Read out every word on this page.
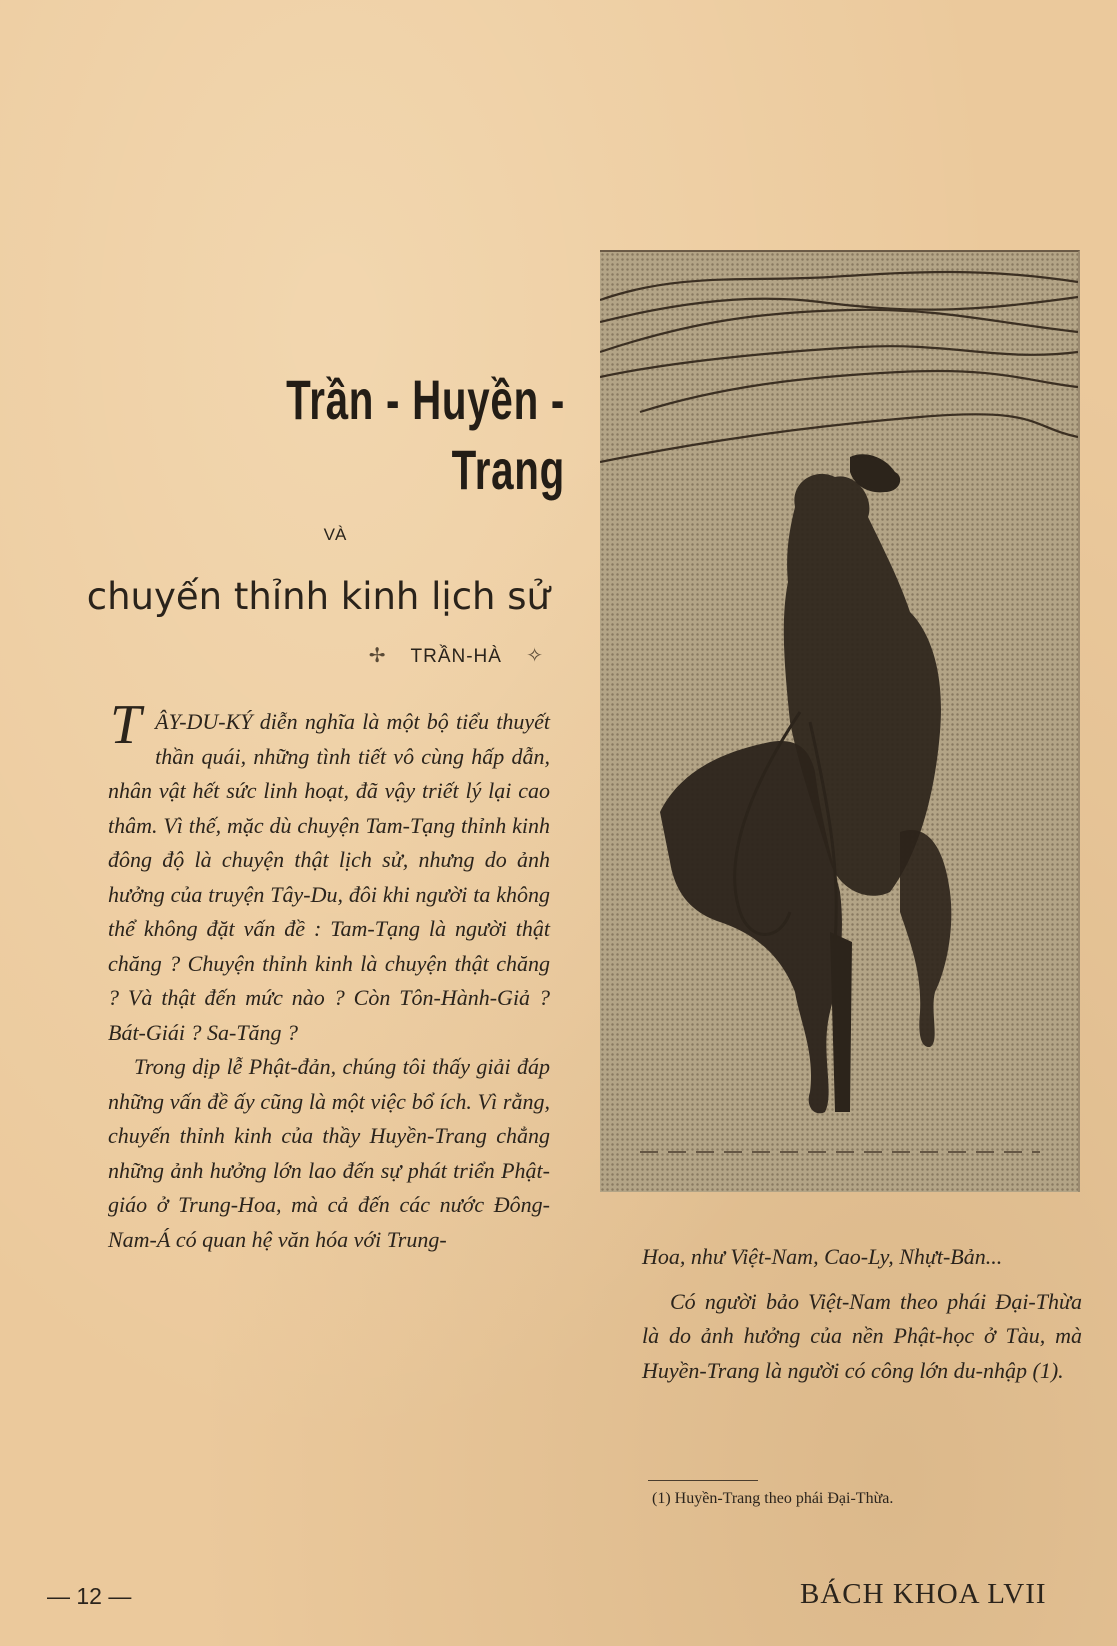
Trần - Huyền - Trang
VÀ
chuyến thỉnh kinh lịch sử
✢ TRẦN-HÀ ✧

T ÂY-DU-KÝ diễn nghĩa là một bộ tiểu thuyết thần quái, những tình tiết vô cùng hấp dẫn, nhân vật hết sức linh hoạt, đã vậy triết lý lại cao thâm. Vì thế, mặc dù chuyện Tam-Tạng thỉnh kinh đông độ là chuyện thật lịch sử, nhưng do ảnh hưởng của truyện Tây-Du, đôi khi người ta không thể không đặt vấn đề : Tam-Tạng là người thật chăng ? Chuyện thỉnh kinh là chuyện thật chăng ? Và thật đến mức nào ? Còn Tôn-Hành-Giả ? Bát-Giái ? Sa-Tăng ?

Trong dịp lễ Phật-đản, chúng tôi thấy giải đáp những vấn đề ấy cũng là một việc bổ ích. Vì rằng, chuyến thỉnh kinh của thầy Huyền-Trang chẳng những ảnh hưởng lớn lao đến sự phát triển Phật-giáo ở Trung-Hoa, mà cả đến các nước Đông-Nam-Á có quan hệ văn hóa với Trung-

Hoa, như Việt-Nam, Cao-Ly, Nhựt-Bản...

Có người bảo Việt-Nam theo phái Đại-Thừa là do ảnh hưởng của nền Phật-học ở Tàu, mà Huyền-Trang là người có công lớn du-nhập (1).

(1) Huyền-Trang theo phái Đại-Thừa.
— 12 —	BÁCH KHOA LVII
